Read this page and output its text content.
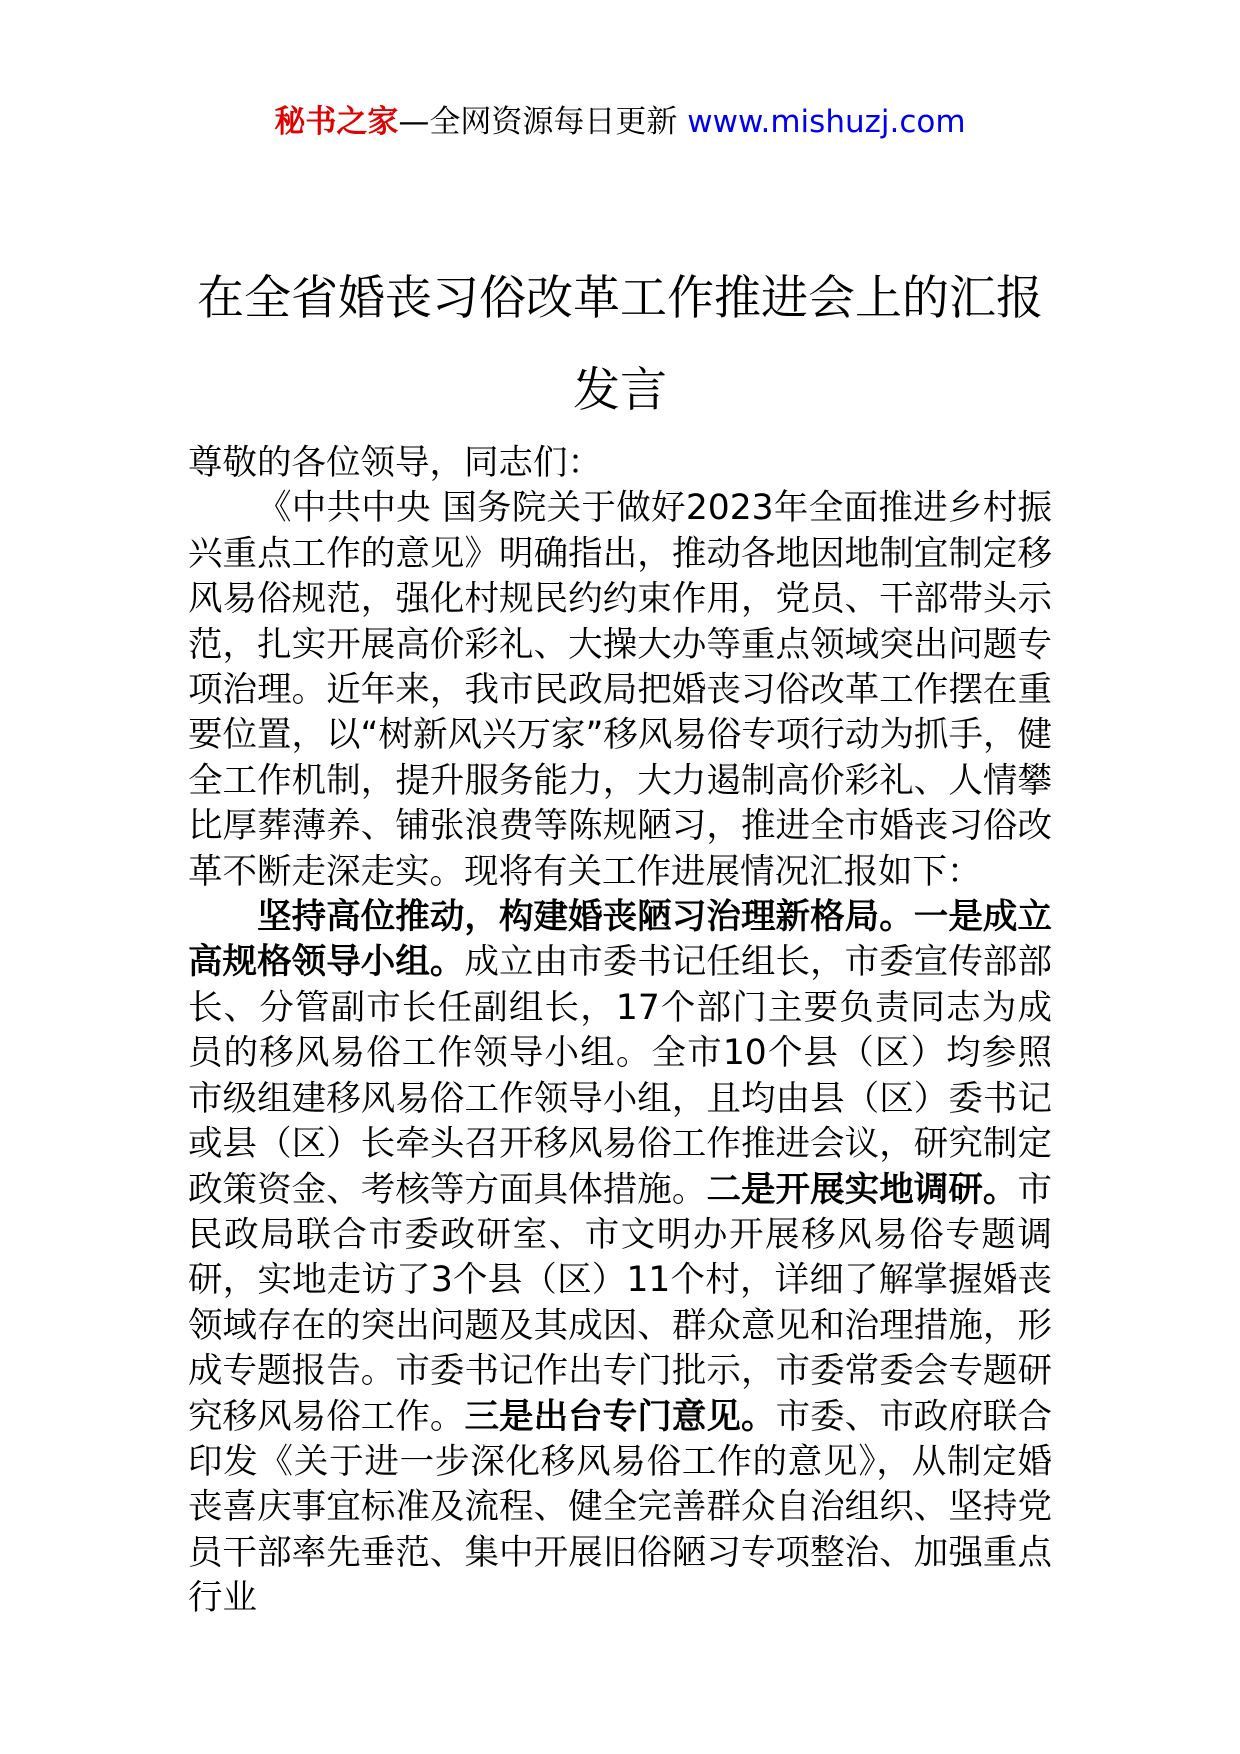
秘书之家—全网资源每日更新 www.mishuzj.com
在全省婚丧习俗改革工作推进会上的汇报
发言

尊敬的各位领导，同志们：

《中共中央 国务院关于做好2023年全面推进乡村振兴重点工作的意见》明确指出，推动各地因地制宜制定移风易俗规范，强化村规民约约束作用，党员、干部带头示范，扎实开展高价彩礼、大操大办等重点领域突出问题专项治理。近年来，我市民政局把婚丧习俗改革工作摆在重要位置，以“树新风兴万家”移风易俗专项行动为抓手，健全工作机制，提升服务能力，大力遏制高价彩礼、人情攀比厚葬薄养、铺张浪费等陈规陋习，推进全市婚丧习俗改革不断走深走实。现将有关工作进展情况汇报如下：

坚持高位推动，构建婚丧陋习治理新格局。一是成立高规格领导小组。成立由市委书记任组长，市委宣传部部长、分管副市长任副组长，17个部门主要负责同志为成员的移风易俗工作领导小组。全市10个县（区）均参照市级组建移风易俗工作领导小组，且均由县（区）委书记或县（区）长牵头召开移风易俗工作推进会议，研究制定政策资金、考核等方面具体措施。二是开展实地调研。市民政局联合市委政研室、市文明办开展移风易俗专题调研，实地走访了3个县（区）11个村，详细了解掌握婚丧领域存在的突出问题及其成因、群众意见和治理措施，形成专题报告。市委书记作出专门批示，市委常委会专题研究移风易俗工作。三是出台专门意见。市委、市政府联合印发《关于进一步深化移风易俗工作的意见》，从制定婚丧喜庆事宜标准及流程、健全完善群众自治组织、坚持党员干部率先垂范、集中开展旧俗陋习专项整治、加强重点行业
